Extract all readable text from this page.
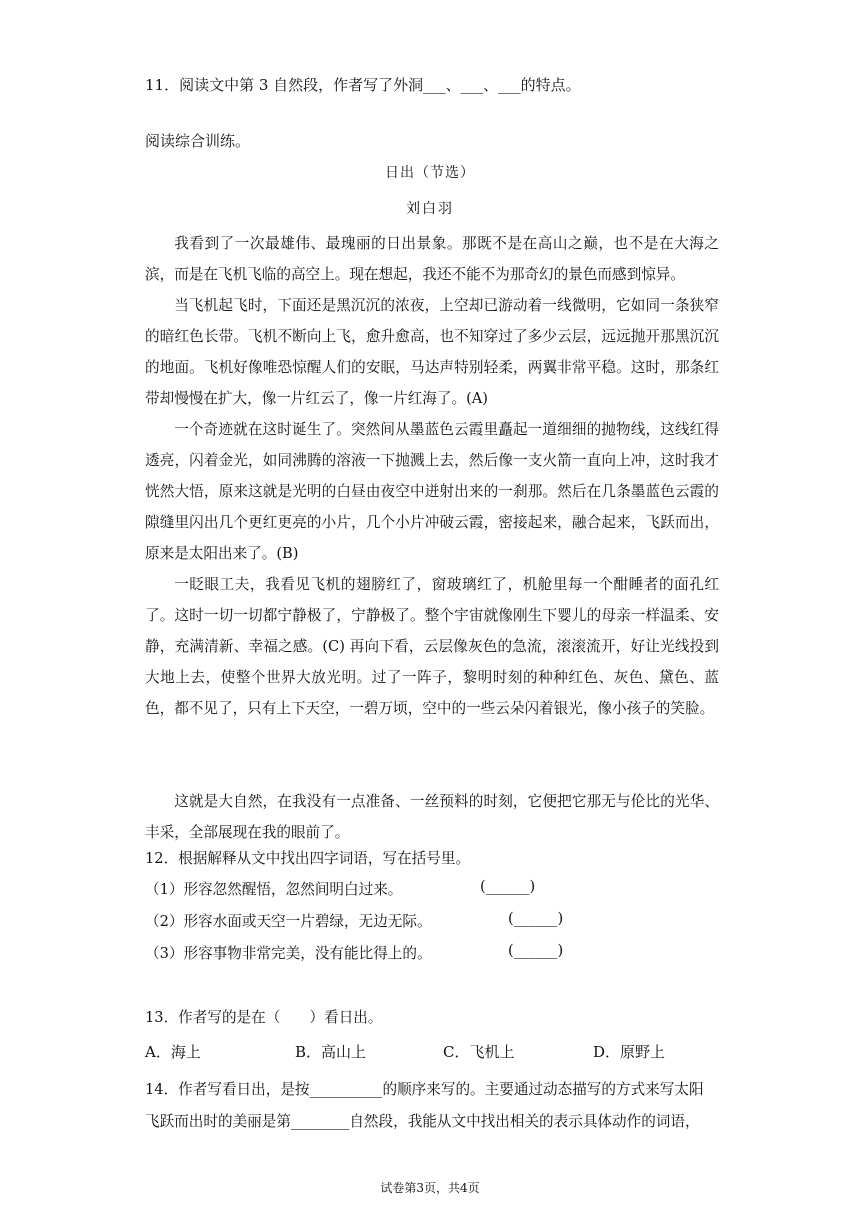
11．阅读文中第 3 自然段，作者写了外洞___、___、___的特点。
阅读综合训练。
日出（节选）
刘白羽
我看到了一次最雄伟、最瑰丽的日出景象。那既不是在高山之巅，也不是在大海之滨，而是在飞机飞临的高空上。现在想起，我还不能不为那奇幻的景色而感到惊异。
当飞机起飞时，下面还是黑沉沉的浓夜，上空却已游动着一线微明，它如同一条狭窄的暗红色长带。飞机不断向上飞，愈升愈高，也不知穿过了多少云层，远远抛开那黑沉沉的地面。飞机好像唯恐惊醒人们的安眠，马达声特别轻柔，两翼非常平稳。这时，那条红带却慢慢在扩大，像一片红云了，像一片红海了。(A)
一个奇迹就在这时诞生了。突然间从墨蓝色云霞里矗起一道细细的抛物线，这线红得透亮，闪着金光，如同沸腾的溶液一下抛溅上去，然后像一支火箭一直向上冲，这时我才恍然大悟，原来这就是光明的白昼由夜空中迸射出来的一刹那。然后在几条墨蓝色云霞的隙缝里闪出几个更红更亮的小片，几个小片冲破云霞，密接起来，融合起来，飞跃而出，原来是太阳出来了。(B)
一眨眼工夫，我看见飞机的翅膀红了，窗玻璃红了，机舱里每一个酣睡者的面孔红了。这时一切一切都宁静极了，宁静极了。整个宇宙就像刚生下婴儿的母亲一样温柔、安静，充满清新、幸福之感。(C) 再向下看，云层像灰色的急流，滚滚流开，好让光线投到大地上去，使整个世界大放光明。过了一阵子，黎明时刻的种种红色、灰色、黛色、蓝色，都不见了，只有上下天空，一碧万顷，空中的一些云朵闪着银光，像小孩子的笑脸。
这就是大自然，在我没有一点准备、一丝预料的时刻，它便把它那无与伦比的光华、丰采，全部展现在我的眼前了。
12．根据解释从文中找出四字词语，写在括号里。
（1）形容忽然醒悟，忽然间明白过来。	(______)
（2）形容水面或天空一片碧绿，无边无际。	(______)
（3）形容事物非常完美，没有能比得上的。	(______)
13．作者写的是在（　　）看日出。
A．海上	B．高山上	C．飞机上	D．原野上
14．作者写看日出，是按__________的顺序来写的。主要通过动态描写的方式来写太阳
飞跃而出时的美丽是第________自然段，我能从文中找出相关的表示具体动作的词语，
试卷第3页，共4页
